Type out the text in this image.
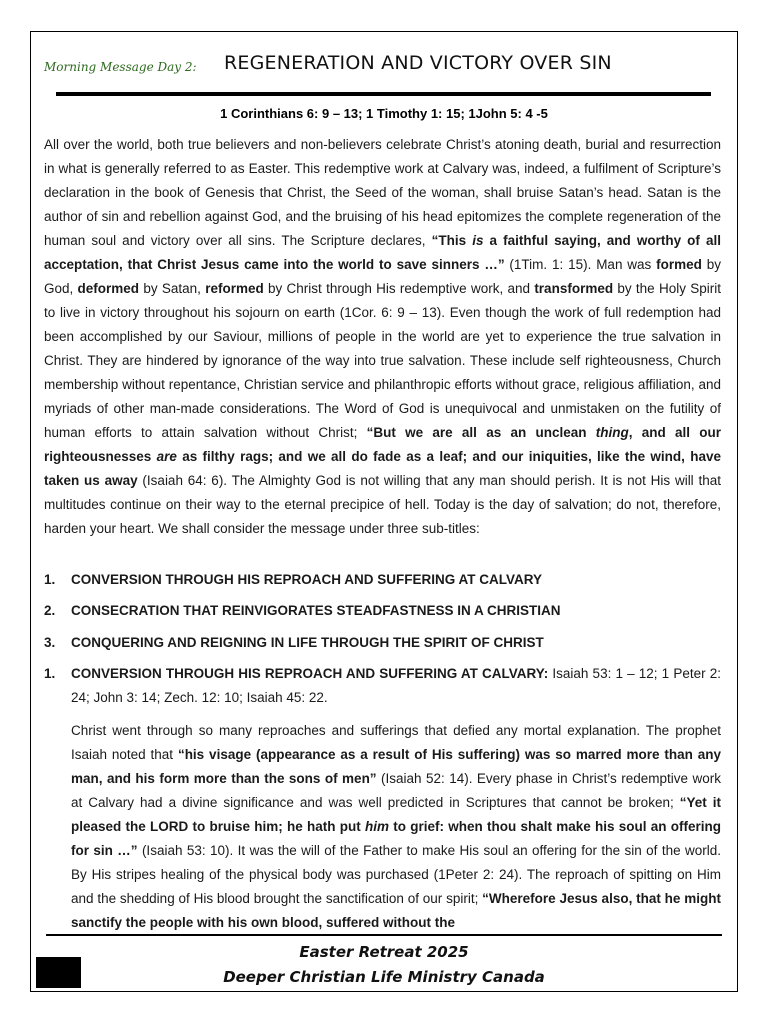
Morning Message Day 2: REGENERATION AND VICTORY OVER SIN
1 Corinthians 6: 9 – 13; 1 Timothy 1: 15; 1John 5: 4 -5

All over the world, both true believers and non-believers celebrate Christ’s atoning death, burial and resurrection in what is generally referred to as Easter. This redemptive work at Calvary was, indeed, a fulfilment of Scripture’s declaration in the book of Genesis that Christ, the Seed of the woman, shall bruise Satan’s head. Satan is the author of sin and rebellion against God, and the bruising of his head epitomizes the complete regeneration of the human soul and victory over all sins. The Scripture declares, “This is a faithful saying, and worthy of all acceptation, that Christ Jesus came into the world to save sinners …” (1Tim. 1: 15). Man was formed by God, deformed by Satan, reformed by Christ through His redemptive work, and transformed by the Holy Spirit to live in victory throughout his sojourn on earth (1Cor. 6: 9 – 13). Even though the work of full redemption had been accomplished by our Saviour, millions of people in the world are yet to experience the true salvation in Christ. They are hindered by ignorance of the way into true salvation. These include self righteousness, Church membership without repentance, Christian service and philanthropic efforts without grace, religious affiliation, and myriads of other man-made considerations. The Word of God is unequivocal and unmistaken on the futility of human efforts to attain salvation without Christ; “But we are all as an unclean thing, and all our righteousnesses are as filthy rags; and we all do fade as a leaf; and our iniquities, like the wind, have taken us away (Isaiah 64: 6). The Almighty God is not willing that any man should perish. It is not His will that multitudes continue on their way to the eternal precipice of hell. Today is the day of salvation; do not, therefore, harden your heart. We shall consider the message under three sub-titles:

1. CONVERSION THROUGH HIS REPROACH AND SUFFERING AT CALVARY
2. CONSECRATION THAT REINVIGORATES STEADFASTNESS IN A CHRISTIAN
3. CONQUERING AND REIGNING IN LIFE THROUGH THE SPIRIT OF CHRIST
1. CONVERSION THROUGH HIS REPROACH AND SUFFERING AT CALVARY: Isaiah 53: 1 – 12; 1 Peter 2: 24; John 3: 14; Zech. 12: 10; Isaiah 45: 22.
Christ went through so many reproaches and sufferings that defied any mortal explanation. The prophet Isaiah noted that “his visage (appearance as a result of His suffering) was so marred more than any man, and his form more than the sons of men” (Isaiah 52: 14). Every phase in Christ’s redemptive work at Calvary had a divine significance and was well predicted in Scriptures that cannot be broken; “Yet it pleased the LORD to bruise him; he hath put him to grief: when thou shalt make his soul an offering for sin …” (Isaiah 53: 10). It was the will of the Father to make His soul an offering for the sin of the world. By His stripes healing of the physical body was purchased (1Peter 2: 24). The reproach of spitting on Him and the shedding of His blood brought the sanctification of our spirit; “Wherefore Jesus also, that he might sanctify the people with his own blood, suffered without the
Easter Retreat 2025
Deeper Christian Life Ministry Canada
